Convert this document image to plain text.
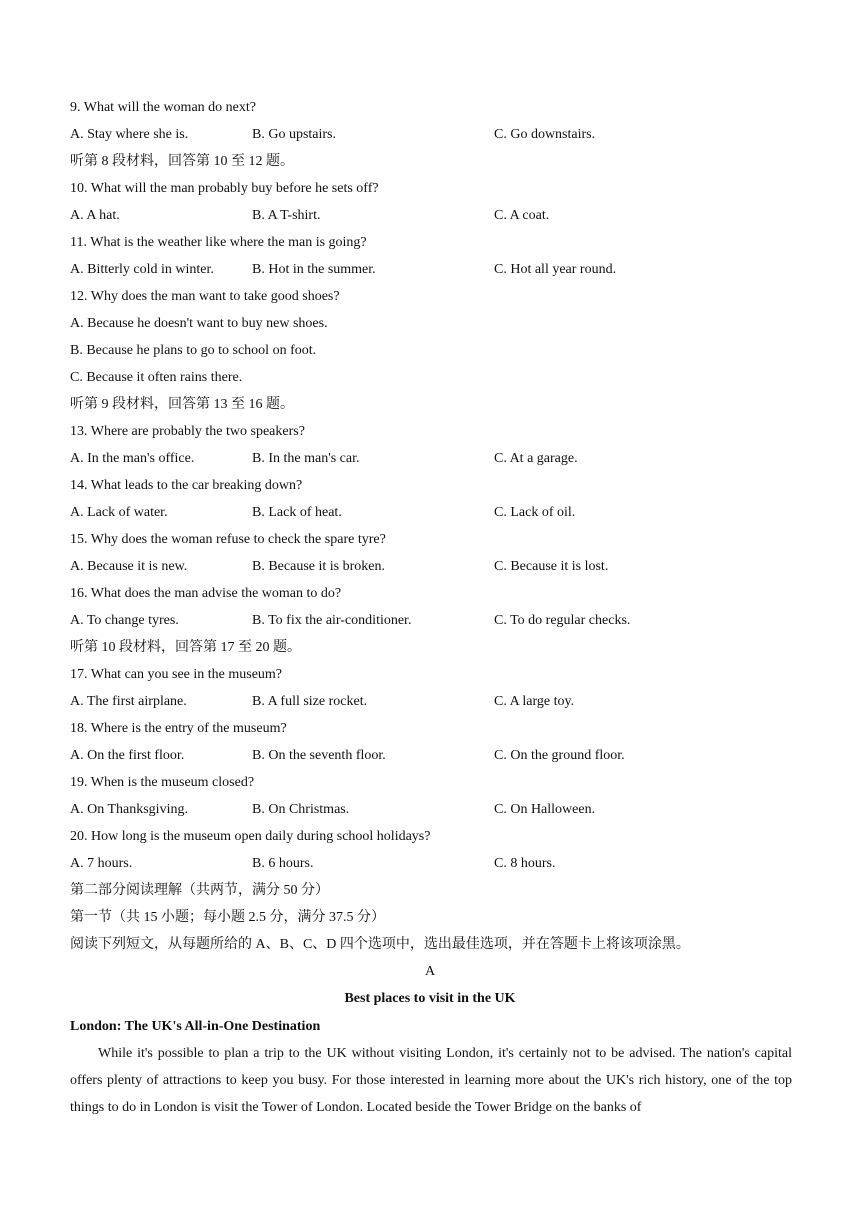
9. What will the woman do next?
A. Stay where she is.	B. Go upstairs.	C. Go downstairs.
听第 8 段材料，回答第 10 至 12 题。
10. What will the man probably buy before he sets off?
A. A hat.	B. A T-shirt.	C. A coat.
11. What is the weather like where the man is going?
A. Bitterly cold in winter.	B. Hot in the summer.	C. Hot all year round.
12. Why does the man want to take good shoes?
A. Because he doesn't want to buy new shoes.
B. Because he plans to go to school on foot.
C. Because it often rains there.
听第 9 段材料，回答第 13 至 16 题。
13. Where are probably the two speakers?
A. In the man's office.	B. In the man's car.	C. At a garage.
14. What leads to the car breaking down?
A. Lack of water.	B. Lack of heat.	C. Lack of oil.
15. Why does the woman refuse to check the spare tyre?
A. Because it is new.	B. Because it is broken.	C. Because it is lost.
16. What does the man advise the woman to do?
A. To change tyres.	B. To fix the air-conditioner.	C. To do regular checks.
听第 10 段材料，回答第 17 至 20 题。
17. What can you see in the museum?
A. The first airplane.	B. A full size rocket.	C. A large toy.
18. Where is the entry of the museum?
A. On the first floor.	B. On the seventh floor.	C. On the ground floor.
19. When is the museum closed?
A. On Thanksgiving.	B. On Christmas.	C. On Halloween.
20. How long is the museum open daily during school holidays?
A. 7 hours.	B. 6 hours.	C. 8 hours.
第二部分阅读理解（共两节，满分 50 分）
第一节（共 15 小题；每小题 2.5 分，满分 37.5 分）
阅读下列短文，从每题所给的 A、B、C、D 四个选项中，选出最佳选项，并在答题卡上将该项涂黑。
A
Best places to visit in the UK
London: The UK's All-in-One Destination

While it's possible to plan a trip to the UK without visiting London, it's certainly not to be advised. The nation's capital offers plenty of attractions to keep you busy. For those interested in learning more about the UK's rich history, one of the top things to do in London is visit the Tower of London. Located beside the Tower Bridge on the banks of
